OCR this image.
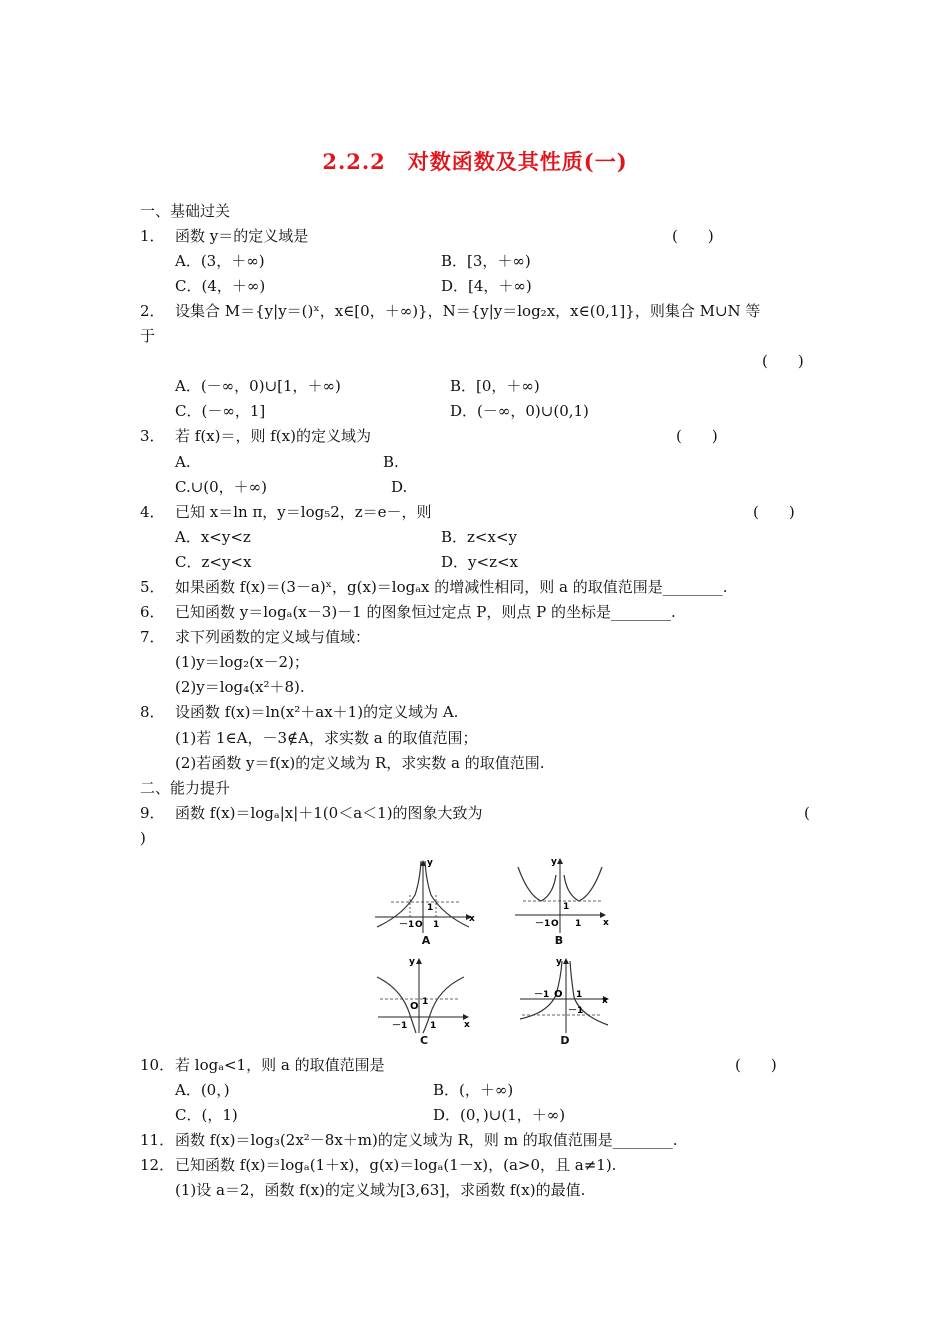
2.2.2　对数函数及其性质(一)
一、基础过关
1． 函数 y＝的定义域是	(　　)
A．(3，＋∞)	B．[3，＋∞)
C．(4，＋∞)	D．[4，＋∞)
2． 设集合 M＝{y|y＝()ˣ，x∈[0，＋∞)}，N＝{y|y＝log₂x，x∈(0,1]}，则集合 M∪N 等
于
(　　)
A．(－∞，0)∪[1，＋∞)	B．[0，＋∞)
C．(－∞，1]	D．(－∞，0)∪(0,1)
3． 若 f(x)＝，则 f(x)的定义域为	(　　)
A.	B.
C.∪(0，＋∞)	D.
4． 已知 x＝ln π，y＝log₅2，z＝e－，则	(　　)
A．x<y<z	B．z<x<y
C．z<y<x	D．y<z<x
5． 如果函数 f(x)＝(3－a)ˣ，g(x)＝logₐx 的增减性相同，则 a 的取值范围是________.
6． 已知函数 y＝logₐ(x－3)－1 的图象恒过定点 P，则点 P 的坐标是________.
7． 求下列函数的定义域与值域：
(1)y＝log₂(x－2)；
(2)y＝log₄(x²＋8).
8． 设函数 f(x)＝ln(x²＋ax＋1)的定义域为 A.
(1)若 1∈A，－3∉A，求实数 a 的取值范围；
(2)若函数 y＝f(x)的定义域为 R，求实数 a 的取值范围.
二、能力提升
9． 函数 f(x)＝logₐ|x|＋1(0＜a＜1)的图象大致为	(
)
y
x
O
－1 1
1
A
y
x
O
－1	1
1
B
y
x
O
－1	1
1
C
y
x
O
－1	1
－1
D
10． 若 logₐ<1，则 a 的取值范围是	(　　)
A．(0，)	B．(，＋∞)
C．(，1)	D．(0，)∪(1，＋∞)
11． 函数 f(x)＝log₃(2x²－8x＋m)的定义域为 R，则 m 的取值范围是________.
12． 已知函数 f(x)＝logₐ(1＋x)，g(x)＝logₐ(1－x)，(a>0，且 a≠1).
(1)设 a＝2，函数 f(x)的定义域为[3,63]，求函数 f(x)的最值.
